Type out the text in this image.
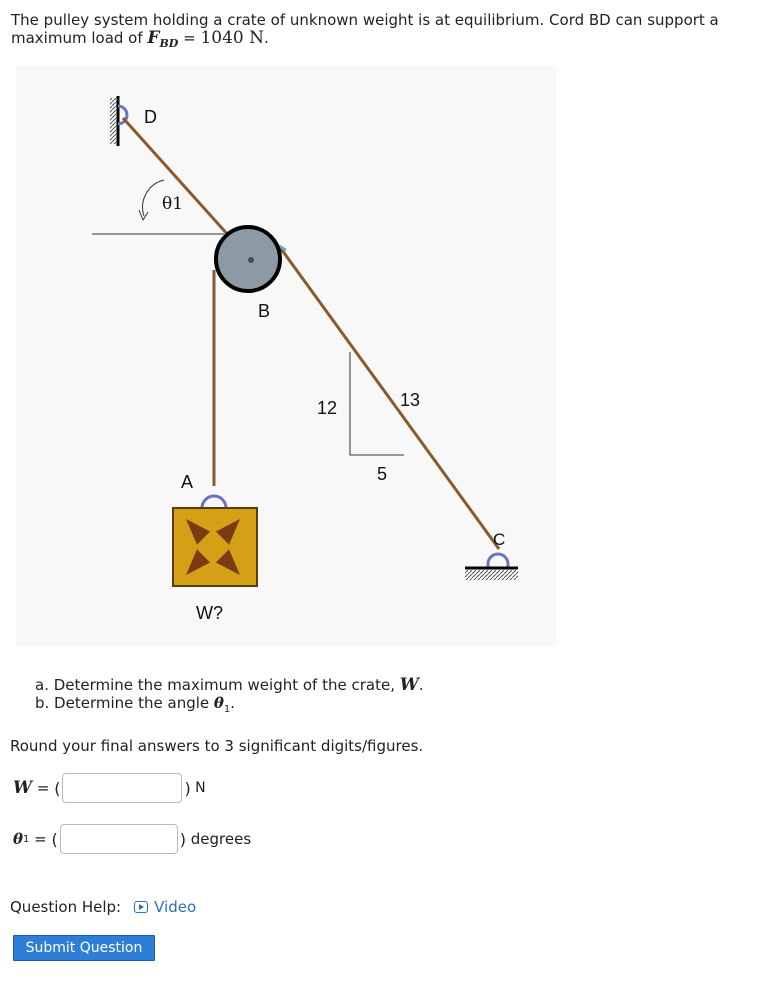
The pulley system holding a crate of unknown weight is at equilibrium. Cord BD can support a maximum load of $F_{BD} = 1040$ N.
D
θ1
B
12	13
5
A
C
W?
a. Determine the maximum weight of the crate, W.
b. Determine the angle $\theta_1$.
Round your final answers to 3 significant digits/figures.
W = (	) N
θ 1 = (	) degrees
Question Help: Video
Submit Question
